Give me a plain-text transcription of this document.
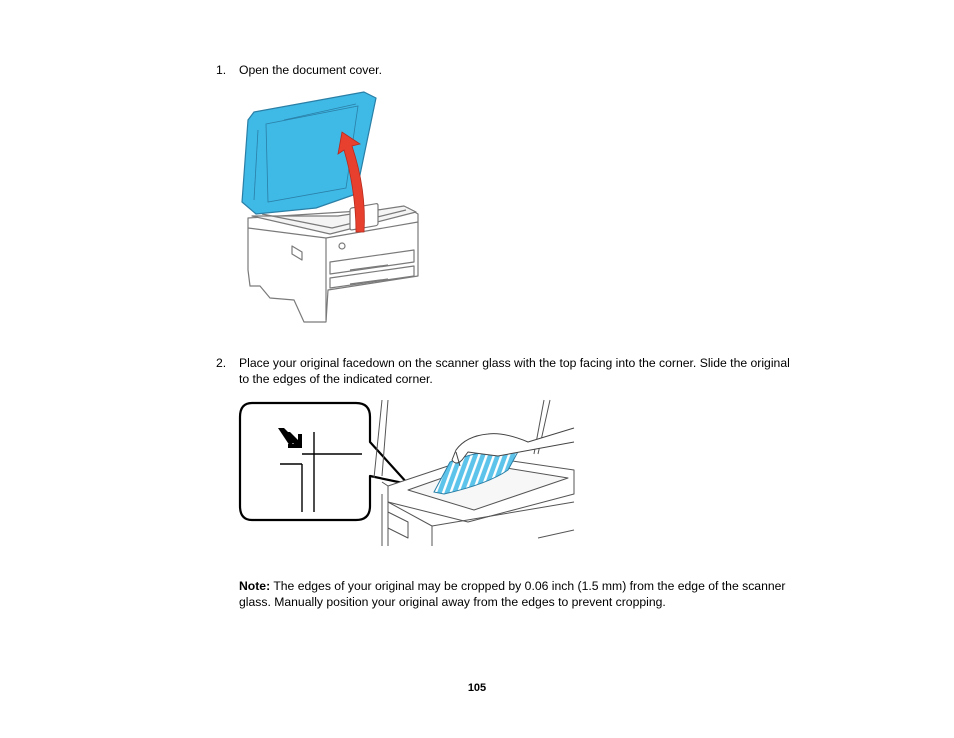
1. Open the document cover.
2. Place your original facedown on the scanner glass with the top facing into the corner. Slide the original to the edges of the indicated corner.
Note: The edges of your original may be cropped by 0.06 inch (1.5 mm) from the edge of the scanner glass. Manually position your original away from the edges to prevent cropping.
105
